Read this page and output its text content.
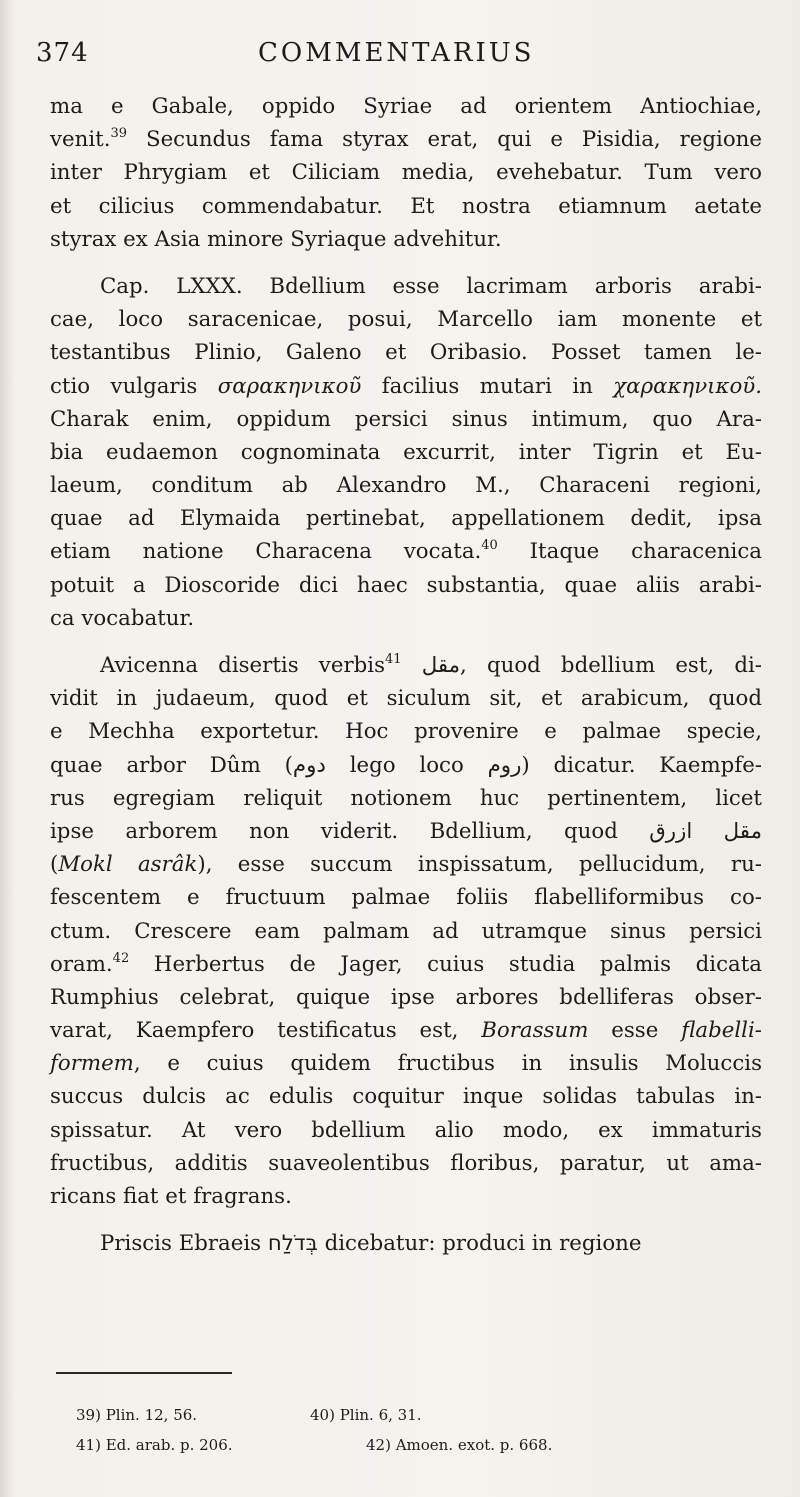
374	COMMENTARIUS
ma e Gabale, oppido Syriae ad orientem Antiochiae,
venit.$^{39}$ Secundus fama styrax erat, qui e Pisidia, regione
inter Phrygiam et Ciliciam media, evehebatur. Tum vero
et cilicius commendabatur. Et nostra etiamnum aetate
styrax ex Asia minore Syriaque advehitur.
Cap. LXXX. Bdellium esse lacrimam arboris arabi-
cae, loco saracenicae, posui, Marcello iam monente et
testantibus Plinio, Galeno et Oribasio. Posset tamen le-
ctio vulgaris σαρακηνικοῦ facilius mutari in χαρακηνικοῦ.
Charak enim, oppidum persici sinus intimum, quo Ara-
bia eudaemon cognominata excurrit, inter Tigrin et Eu-
laeum, conditum ab Alexandro M., Characeni regioni,
quae ad Elymaida pertinebat, appellationem dedit, ipsa
etiam natione Characena vocata.$^{40}$ Itaque characenica
potuit a Dioscoride dici haec substantia, quae aliis arabi-
ca vocabatur.
Avicenna disertis verbis$^{41}$ مقل, quod bdellium est, di-
vidit in judaeum, quod et siculum sit, et arabicum, quod
e Mechha exportetur. Hoc provenire e palmae specie,
quae arbor Dûm (دوم lego loco روم) dicatur. Kaempfe-
rus egregiam reliquit notionem huc pertinentem, licet
ipse arborem non viderit. Bdellium, quod مقل ازرق
(Mokl asrâk), esse succum inspissatum, pellucidum, ru-
fescentem e fructuum palmae foliis flabelliformibus co-
ctum. Crescere eam palmam ad utramque sinus persici
oram.$^{42}$ Herbertus de Jager, cuius studia palmis dicata
Rumphius celebrat, quique ipse arbores bdelliferas obser-
varat, Kaempfero testificatus est, Borassum esse flabelli-
formem, e cuius quidem fructibus in insulis Moluccis
succus dulcis ac edulis coquitur inque solidas tabulas in-
spissatur. At vero bdellium alio modo, ex immaturis
fructibus, additis suaveolentibus floribus, paratur, ut ama-
ricans fiat et fragrans.
Priscis Ebraeis בְּדֹלַח dicebatur: produci in regione
39) Plin. 12, 56.	40) Plin. 6, 31.
41) Ed. arab. p. 206.	42) Amoen. exot. p. 668.
